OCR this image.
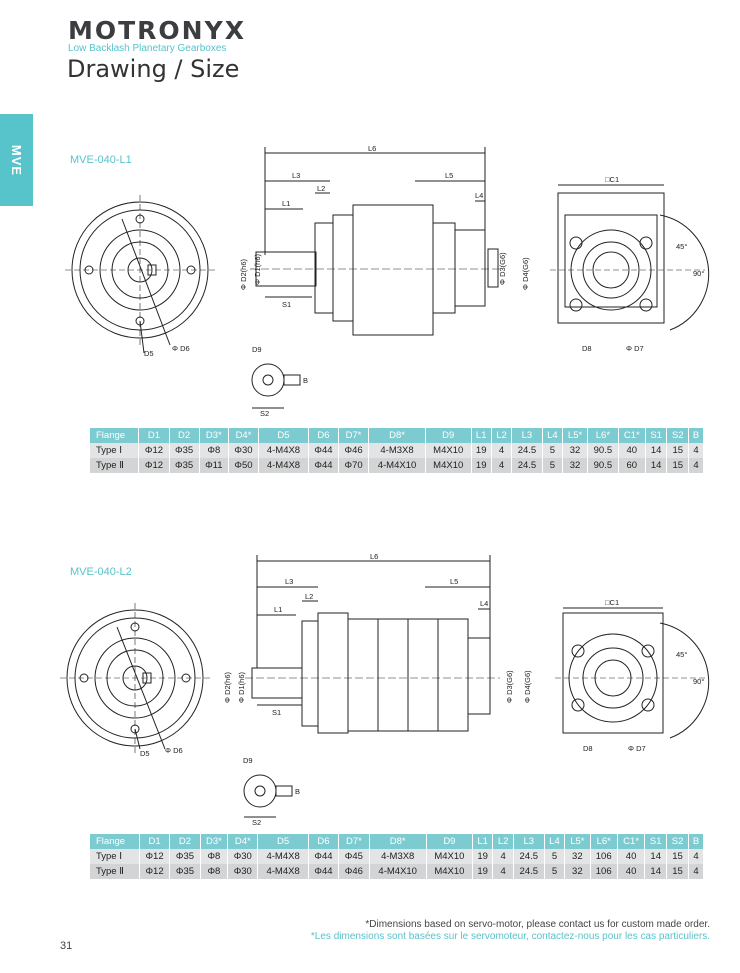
MOTRONYX
Low Backlash Planetary Gearboxes
Drawing / Size
MVE	MVE-040-L1
L6
L3
L1
L2
L5
L4
S1
S2
B
D9
D5
Φ D6	D8	Φ D7
□C1
45°
90°
Φ D2(h6) Φ D1(h6)	Φ D3(G6) Φ D4(G6)
Flange	D1	D2	D3*	D4*	D5	D6	D7*	D8*	D9	L1	L2	L3	L4	L5*	L6*	C1*	S1	S2	B
Type Ⅰ	Φ12	Φ35	Φ8	Φ30	4-M4X8	Φ44	Φ46	4-M3X8	M4X10	19	4	24.5	5	32	90.5	40	14	15	4
Type Ⅱ	Φ12	Φ35	Φ11	Φ50	4-M4X8	Φ44	Φ70	4-M4X10	M4X10	19	4	24.5	5	32	90.5	60	14	15	4
MVE-040-L2
L6
L3
L1
L2
L5
L4
S1
S2
B
D9
D5 Φ D6	D8	Φ D7
□C1
45°
90°
Φ D2(h6) Φ D1(h6)	Φ D3(G6) Φ D4(G6)
Flange	D1	D2	D3*	D4*	D5	D6	D7*	D8*	D9	L1	L2	L3	L4	L5*	L6*	C1*	S1	S2	B
Type Ⅰ	Φ12	Φ35	Φ8	Φ30	4-M4X8	Φ44	Φ45	4-M3X8	M4X10	19	4	24.5	5	32	106	40	14	15	4
Type Ⅱ	Φ12	Φ35	Φ8	Φ30	4-M4X8	Φ44	Φ46	4-M4X10	M4X10	19	4	24.5	5	32	106	40	14	15	4
*Dimensions based on servo-motor, please contact us for custom made order.
*Les dimensions sont basées sur le servomoteur, contactez-nous pour les cas particuliers.
31
